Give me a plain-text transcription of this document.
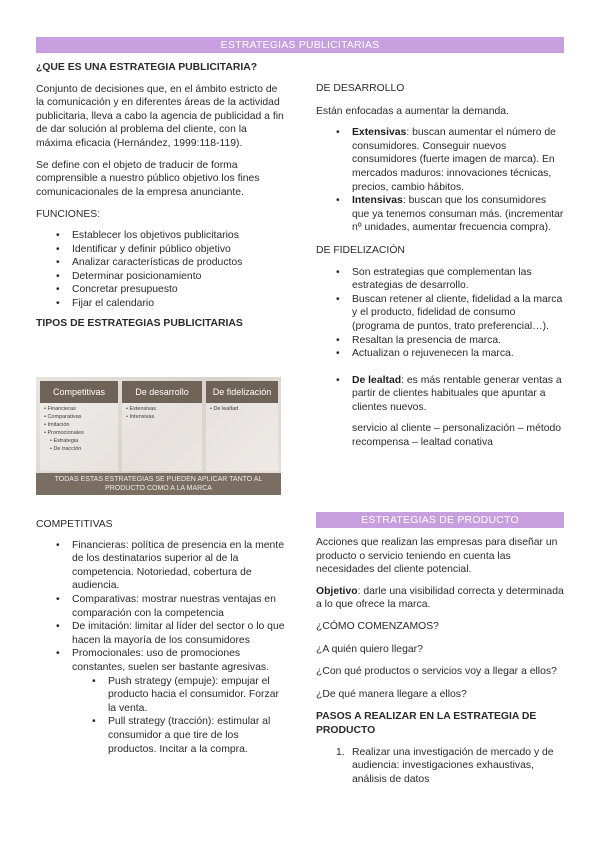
ESTRATEGIAS PUBLICITARIAS
¿QUE ES UNA ESTRATEGIA PUBLICITARIA?

Conjunto de decisiones que, en el ámbito estricto de la comunicación y en diferentes áreas de la actividad publicitaria, lleva a cabo la agencia de publicidad a fin de dar solución al problema del cliente, con la máxima eficacia (Hernández, 1999:118-119).

Se define con el objeto de traducir de forma comprensible a nuestro público objetivo los fines comunicacionales de la empresa anunciante.

FUNCIONES:

• Establecer los objetivos publicitarios
• Identificar y definir público objetivo
• Analizar características de productos
• Determinar posicionamiento
• Concretar presupuesto
• Fijar el calendario
TIPOS DE ESTRATEGIAS PUBLICITARIAS
Competitivas	De desarrollo	De fidelización
• Financieras
• Comparativas
• Imitación
• Promocionales
• Estrategia
• De tracción
• Extensivas
• Intensivas
• De lealtad
TODAS ESTAS ESTRATEGIAS SE PUEDEN APLICAR TANTO AL PRODUCTO COMO A LA MARCA

COMPETITIVAS

• Financieras: política de presencia en la mente de los destinatarios superior al de la competencia. Notoriedad, cobertura de audiencia.
• Comparativas: mostrar nuestras ventajas en comparación con la competencia
• De imitación: limitar al líder del sector o lo que hacen la mayoría de los consumidores
• Promocionales: uso de promociones constantes, suelen ser bastante agresivas.
• Push strategy (empuje): empujar el producto hacia el consumidor. Forzar la venta.
• Pull strategy (tracción): estimular al consumidor a que tire de los productos. Incitar a la compra.

DE DESARROLLO

Están enfocadas a aumentar la demanda.

• Extensivas: buscan aumentar el número de consumidores. Conseguir nuevos consumidores (fuerte imagen de marca). En mercados maduros: innovaciones técnicas, precios, cambio hábitos.
• Intensivas: buscan que los consumidores que ya tenemos consuman más. (incrementar nº unidades, aumentar frecuencia compra).

DE FIDELIZACIÓN

• Son estrategias que complementan las estrategias de desarrollo.
• Buscan retener al cliente, fidelidad a la marca y el producto, fidelidad de consumo (programa de puntos, trato preferencial…).
• Resaltan la presencia de marca.
• Actualizan o rejuvenecen la marca.
• De lealtad: es más rentable generar ventas a partir de clientes habituales que apuntar a clientes nuevos.

servicio al cliente – personalización – método recompensa – lealtad conativa

ESTRATEGIAS DE PRODUCTO

Acciones que realizan las empresas para diseñar un producto o servicio teniendo en cuenta las necesidades del cliente potencial.

Objetivo: darle una visibilidad correcta y determinada a lo que ofrece la marca.

¿CÓMO COMENZAMOS?

¿A quién quiero llegar?

¿Con qué productos o servicios voy a llegar a ellos?

¿De qué manera llegare a ellos?

PASOS A REALIZAR EN LA ESTRATEGIA DE PRODUCTO
1. Realizar una investigación de mercado y de audiencia: investigaciones exhaustivas, análisis de datos
